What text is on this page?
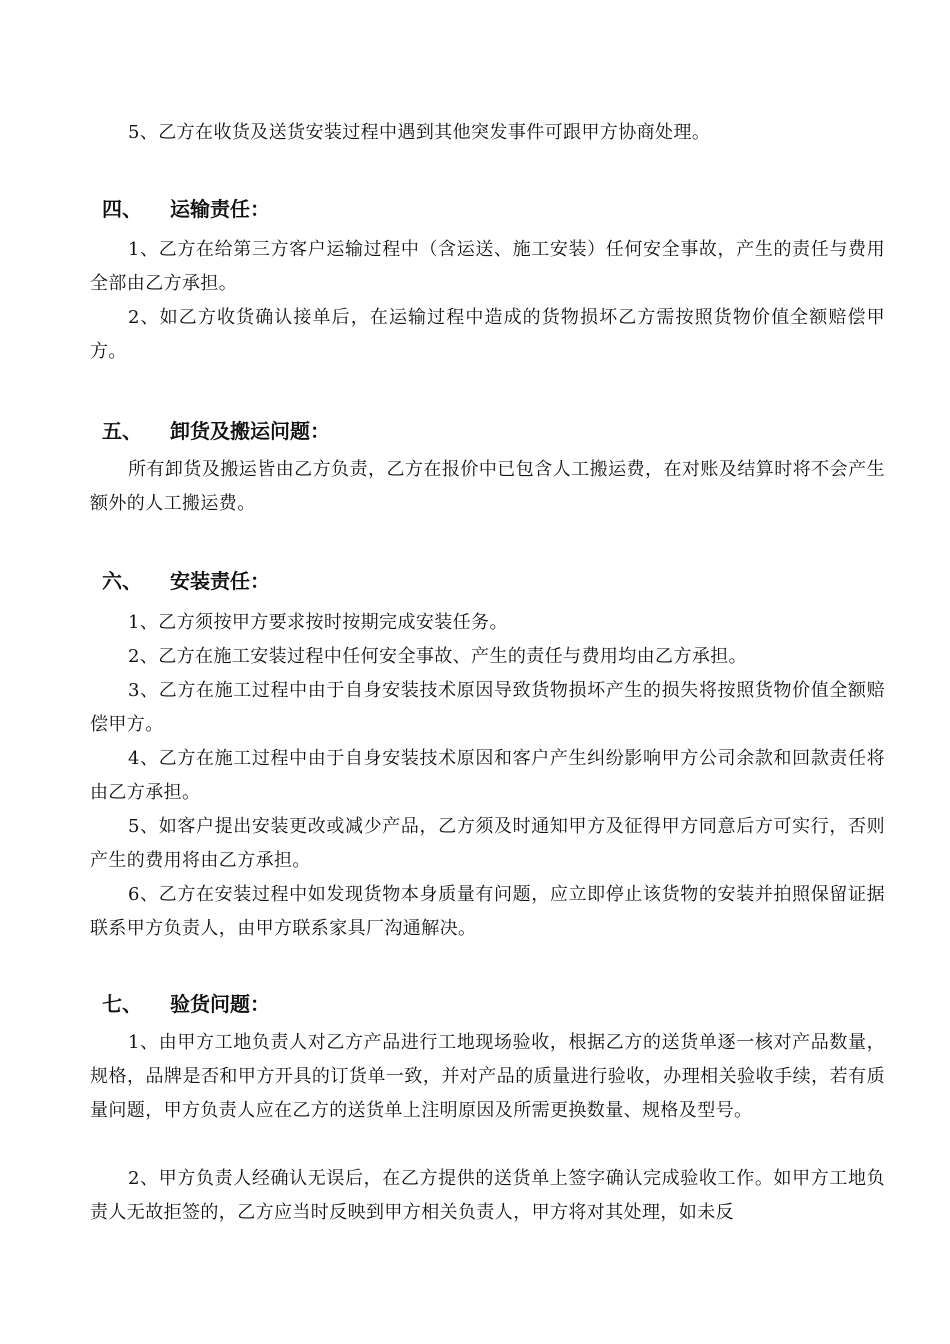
5、乙方在收货及送货安装过程中遇到其他突发事件可跟甲方协商处理。

四、 运输责任：

1、乙方在给第三方客户运输过程中（含运送、施工安装）任何安全事故，产生的责任与费用全部由乙方承担。

2、如乙方收货确认接单后，在运输过程中造成的货物损坏乙方需按照货物价值全额赔偿甲方。

五、 卸货及搬运问题：

所有卸货及搬运皆由乙方负责，乙方在报价中已包含人工搬运费，在对账及结算时将不会产生额外的人工搬运费。

六、 安装责任：

1、乙方须按甲方要求按时按期完成安装任务。

2、乙方在施工安装过程中任何安全事故、产生的责任与费用均由乙方承担。

3、乙方在施工过程中由于自身安装技术原因导致货物损坏产生的损失将按照货物价值全额赔偿甲方。

4、乙方在施工过程中由于自身安装技术原因和客户产生纠纷影响甲方公司余款和回款责任将由乙方承担。

5、如客户提出安装更改或减少产品，乙方须及时通知甲方及征得甲方同意后方可实行，否则产生的费用将由乙方承担。

6、乙方在安装过程中如发现货物本身质量有问题，应立即停止该货物的安装并拍照保留证据联系甲方负责人，由甲方联系家具厂沟通解决。

七、 验货问题：

1、由甲方工地负责人对乙方产品进行工地现场验收，根据乙方的送货单逐一核对产品数量，规格，品牌是否和甲方开具的订货单一致，并对产品的质量进行验收，办理相关验收手续，若有质量问题，甲方负责人应在乙方的送货单上注明原因及所需更换数量、规格及型号。

2、甲方负责人经确认无误后，在乙方提供的送货单上签字确认完成验收工作。如甲方工地负责人无故拒签的，乙方应当时反映到甲方相关负责人，甲方将对其处理，如未反
